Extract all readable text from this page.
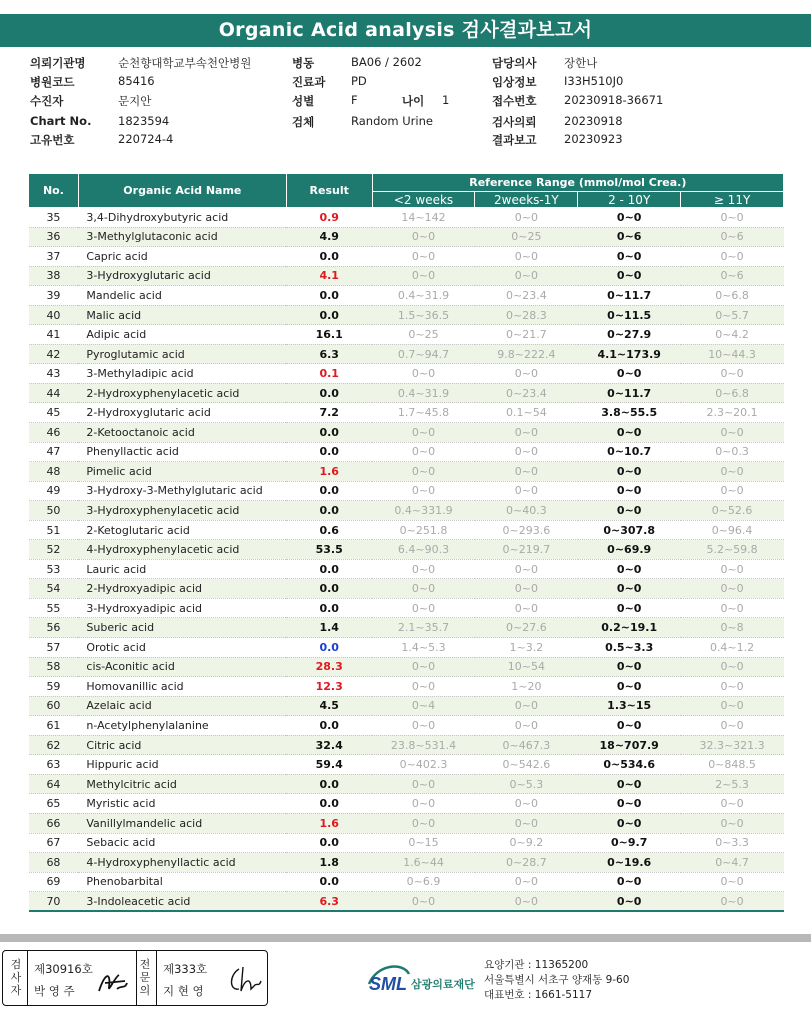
Organic Acid analysis 검사결과보고서
의뢰기관명	순천향대학교부속천안병원	병동	BA06 / 2602	담당의사 장한나
병원코드	85416	진료과 PD	임상정보 I33H510J0
수진자	문지안	성별	F	나이 1	접수번호 20230918-36671
Chart No. 1823594	검체	Random Urine	검사의뢰 20230918
고유번호	220724-4	결과보고 20230923
No.	Organic Acid Name	Result	Reference Range (mmol/mol Crea.)			
			<2 weeks	2weeks-1Y	2 - 10Y	≥ 11Y
35	3,4-Dihydroxybutyric acid	0.9	14~142	0~0	0~0	0~0
36	3-Methylglutaconic acid	4.9	0~0	0~25	0~6	0~6
37	Capric acid	0.0	0~0	0~0	0~0	0~0
38	3-Hydroxyglutaric acid	4.1	0~0	0~0	0~0	0~6
39	Mandelic acid	0.0	0.4~31.9	0~23.4	0~11.7	0~6.8
40	Malic acid	0.0	1.5~36.5	0~28.3	0~11.5	0~5.7
41	Adipic acid	16.1	0~25	0~21.7	0~27.9	0~4.2
42	Pyroglutamic acid	6.3	0.7~94.7	9.8~222.4	4.1~173.9	10~44.3
43	3-Methyladipic acid	0.1	0~0	0~0	0~0	0~0
44	2-Hydroxyphenylacetic acid	0.0	0.4~31.9	0~23.4	0~11.7	0~6.8
45	2-Hydroxyglutaric acid	7.2	1.7~45.8	0.1~54	3.8~55.5	2.3~20.1
46	2-Ketooctanoic acid	0.0	0~0	0~0	0~0	0~0
47	Phenyllactic acid	0.0	0~0	0~0	0~10.7	0~0.3
48	Pimelic acid	1.6	0~0	0~0	0~0	0~0
49	3-Hydroxy-3-Methylglutaric acid	0.0	0~0	0~0	0~0	0~0
50	3-Hydroxyphenylacetic acid	0.0	0.4~331.9	0~40.3	0~0	0~52.6
51	2-Ketoglutaric acid	0.6	0~251.8	0~293.6	0~307.8	0~96.4
52	4-Hydroxyphenylacetic acid	53.5	6.4~90.3	0~219.7	0~69.9	5.2~59.8
53	Lauric acid	0.0	0~0	0~0	0~0	0~0
54	2-Hydroxyadipic acid	0.0	0~0	0~0	0~0	0~0
55	3-Hydroxyadipic acid	0.0	0~0	0~0	0~0	0~0
56	Suberic acid	1.4	2.1~35.7	0~27.6	0.2~19.1	0~8
57	Orotic acid	0.0	1.4~5.3	1~3.2	0.5~3.3	0.4~1.2
58	cis-Aconitic acid	28.3	0~0	10~54	0~0	0~0
59	Homovanillic acid	12.3	0~0	1~20	0~0	0~0
60	Azelaic acid	4.5	0~4	0~0	1.3~15	0~0
61	n-Acetylphenylalanine	0.0	0~0	0~0	0~0	0~0
62	Citric acid	32.4	23.8~531.4	0~467.3	18~707.9	32.3~321.3
63	Hippuric acid	59.4	0~402.3	0~542.6	0~534.6	0~848.5
64	Methylcitric acid	0.0	0~0	0~5.3	0~0	2~5.3
65	Myristic acid	0.0	0~0	0~0	0~0	0~0
66	Vanillylmandelic acid	1.6	0~0	0~0	0~0	0~0
67	Sebacic acid	0.0	0~15	0~9.2	0~9.7	0~3.3
68	4-Hydroxyphenyllactic acid	1.8	1.6~44	0~28.7	0~19.6	0~4.7
69	Phenobarbital	0.0	0~6.9	0~0	0~0	0~0
70	3-Indoleacetic acid	6.3	0~0	0~0	0~0	0~0
검
사
자
제30916호
박 영 주
전
문
의
제333호
지 현 영	SML 삼광의료재단
요양기관 : 11365200
서울특별시 서초구 양재동 9-60
대표번호 : 1661-5117
